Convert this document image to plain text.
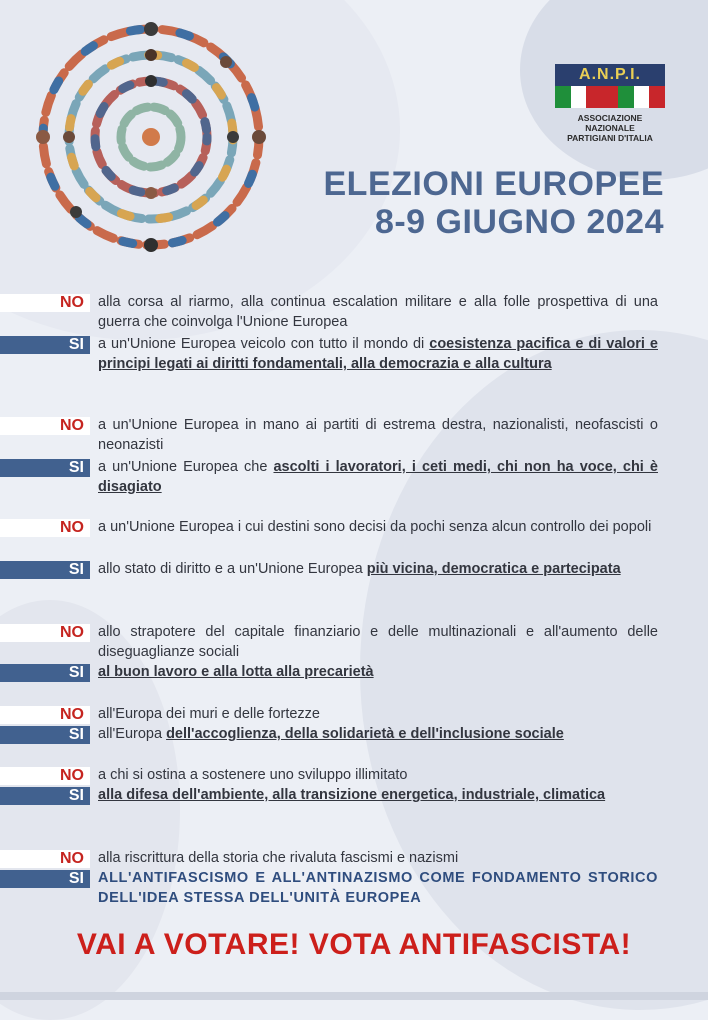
A.N.P.I.
ASSOCIAZIONE NAZIONALE
PARTIGIANI D'ITALIA
ELEZIONI EUROPEE
8-9 GIUGNO 2024
NO alla corsa al riarmo, alla continua escalation militare e alla folle prospettiva di una guerra che coinvolga l'Unione Europea
SI a un'Unione Europea veicolo con tutto il mondo di coesistenza pacifica e di valori e principi legati ai diritti fondamentali, alla democrazia e alla cultura
NO a un'Unione Europea in mano ai partiti di estrema destra, nazionalisti, neofascisti o neonazisti
SI a un'Unione Europea che ascolti i lavoratori, i ceti medi, chi non ha voce, chi è disagiato
NO a un'Unione Europea i cui destini sono decisi da pochi senza alcun controllo dei popoli
SI allo stato di diritto e a un'Unione Europea più vicina, democratica e partecipata
NO allo strapotere del capitale finanziario e delle multinazionali e all'aumento delle diseguaglianze sociali
SI al buon lavoro e alla lotta alla precarietà
NO all'Europa dei muri e delle fortezze
SI all'Europa dell'accoglienza, della solidarietà e dell'inclusione sociale
NO a chi si ostina a sostenere uno sviluppo illimitato
SI alla difesa dell'ambiente, alla transizione energetica, industriale, climatica
NO alla riscrittura della storia che rivaluta fascismi e nazismi
SI ALL'ANTIFASCISMO E ALL'ANTINAZISMO COME FONDAMENTO STORICO DELL'IDEA STESSA DELL'UNITÀ EUROPEA
VAI A VOTARE! VOTA ANTIFASCISTA!
